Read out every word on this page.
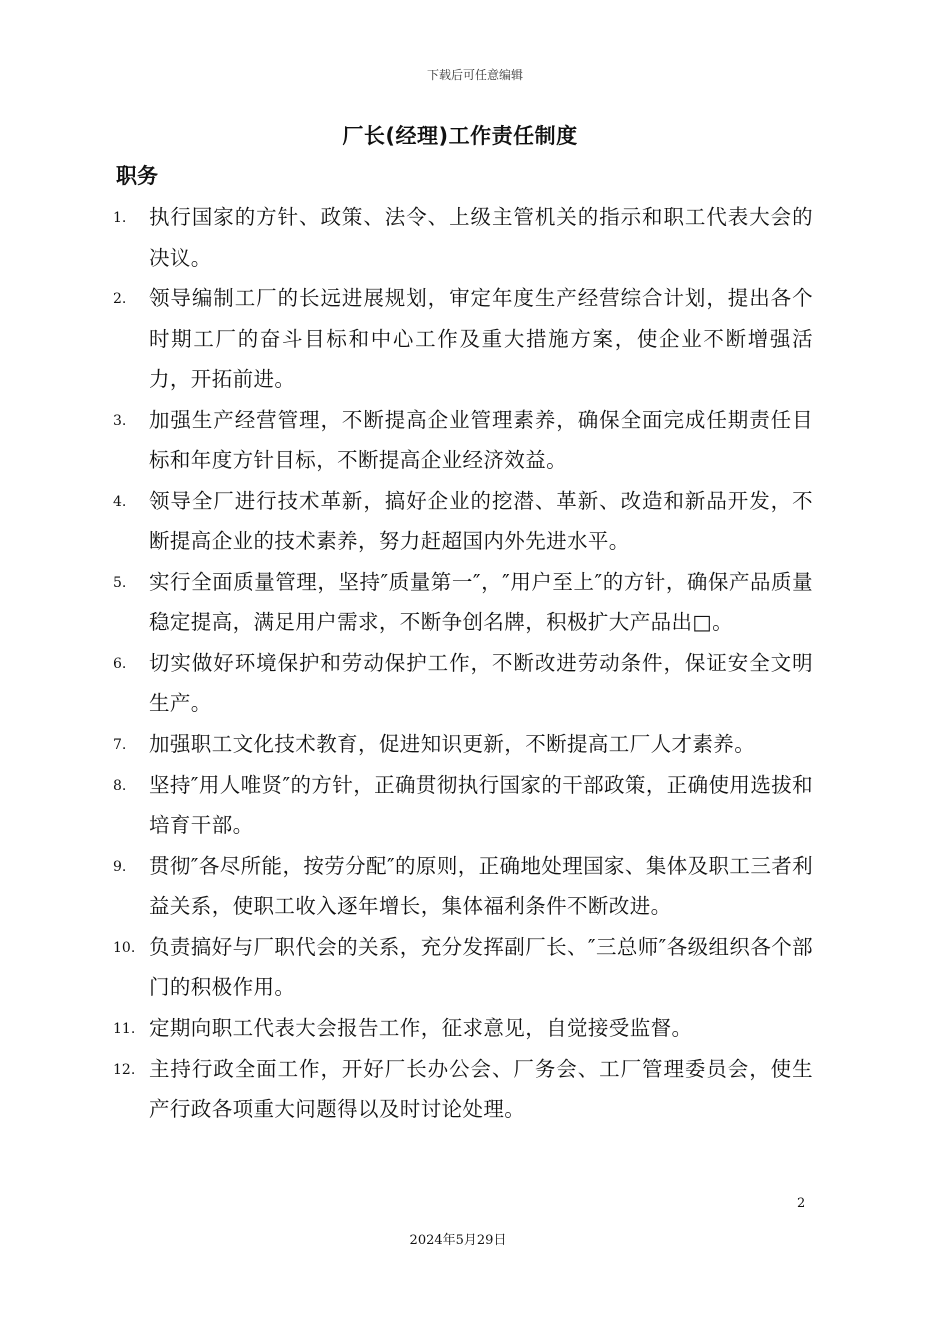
下载后可任意编辑
厂长(经理)工作责任制度
职务
1.	执行国家的方针、政策、法令、上级主管机关的指示和职工代表大会的决议。
2.	领导编制工厂的长远进展规划，审定年度生产经营综合计划，提出各个时期工厂的奋斗目标和中心工作及重大措施方案，使企业不断增强活力，开拓前进。
3.	加强生产经营管理，不断提高企业管理素养，确保全面完成任期责任目标和年度方针目标，不断提高企业经济效益。
4.	领导全厂进行技术革新，搞好企业的挖潜、革新、改造和新品开发，不断提高企业的技术素养，努力赶超国内外先进水平。
5.	实行全面质量管理，坚持″质量第一″，″用户至上″的方针，确保产品质量稳定提高，满足用户需求，不断争创名牌，积极扩大产品出□。
6.	切实做好环境保护和劳动保护工作，不断改进劳动条件，保证安全文明生产。
7.	加强职工文化技术教育，促进知识更新，不断提高工厂人才素养。
8.	坚持″用人唯贤″的方针，正确贯彻执行国家的干部政策，正确使用选拔和培育干部。
9.	贯彻″各尽所能，按劳分配″的原则，正确地处理国家、集体及职工三者利益关系，使职工收入逐年增长，集体福利条件不断改进。
10. 负责搞好与厂职代会的关系，充分发挥副厂长、″三总师″各级组织各个部门的积极作用。
11. 定期向职工代表大会报告工作，征求意见，自觉接受监督。
12. 主持行政全面工作，开好厂长办公会、厂务会、工厂管理委员会，使生产行政各项重大问题得以及时讨论处理。
2
2024年5月29日
